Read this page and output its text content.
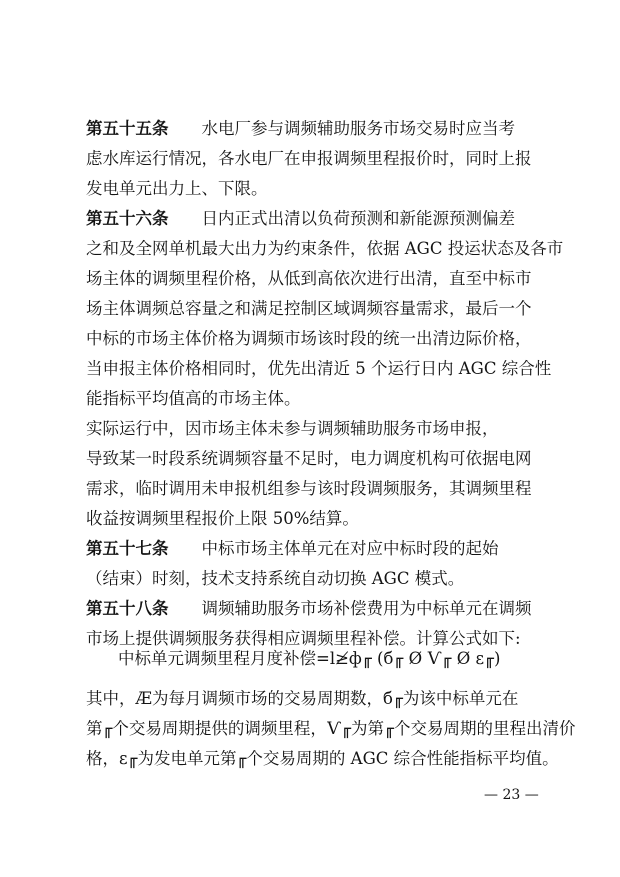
第五十五条　　 水电厂参与调频辅助服务市场交易时应当考
虑水库运行情况，各水电厂在申报调频里程报价时，同时上报
发电单元出力上、下限。
第五十六条　　 日内正式出清以负荷预测和新能源预测偏差
之和及全网单机最大出力为约束条件，依据 AGC 投运状态及各市
场主体的调频里程价格，从低到高依次进行出清，直至中标市
场主体调频总容量之和满足控制区域调频容量需求，最后一个
中标的市场主体价格为调频市场该时段的统一出清边际价格，
当申报主体价格相同时，优先出清近 5 个运行日内 AGC 综合性
能指标平均值高的市场主体。
实际运行中，因市场主体未参与调频辅助服务市场申报，
导致某一时段系统调频容量不足时，电力调度机构可依据电网
需求，临时调用未申报机组参与该时段调频服务，其调频里程
收益按调频里程报价上限 50%结算。
第五十七条　　 中标市场主体单元在对应中标时段的起始
（结束）时刻，技术支持系统自动切换 AGC 模式。
第五十八条　　 调频辅助服务市场补偿费用为中标单元在调频
市场上提供调频服务获得相应调频里程补偿。计算公式如下:
中标单元调频里程月度补偿=ⅼ≱ф╓ (б╓ Ø Ѵ╓ Ø ε╓)
其中，Æ为每月调频市场的交易周期数，б╓为该中标单元在
第╓个交易周期提供的调频里程，Ѵ╓为第╓个交易周期的里程出清价
格，ε╓为发电单元第╓个交易周期的 AGC 综合性能指标平均值。
— 23 —
